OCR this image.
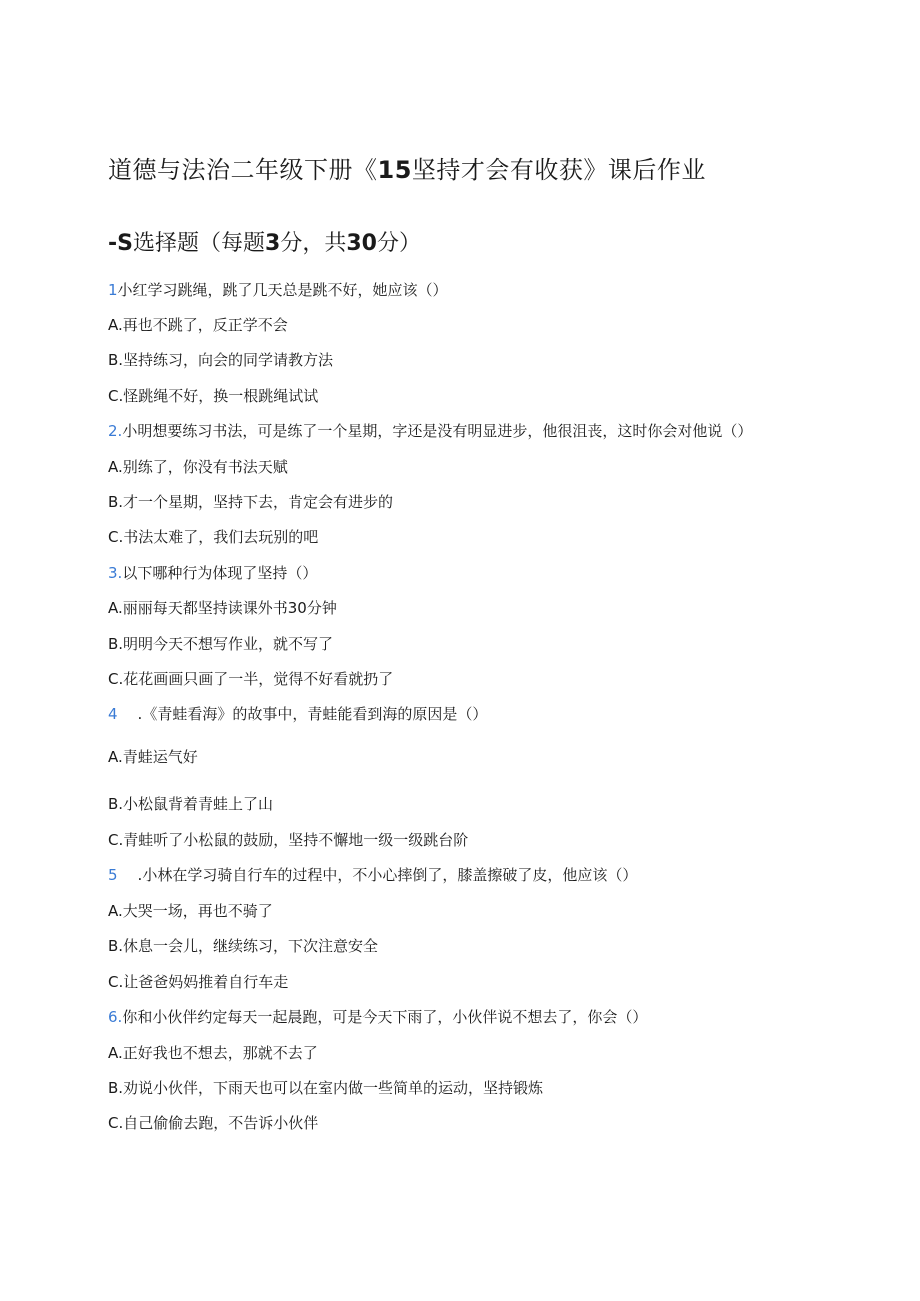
道德与法治二年级下册《15坚持才会有收获》课后作业
-S选择题（每题3分，共30分）
1小红学习跳绳，跳了几天总是跳不好，她应该（）
A.再也不跳了，反正学不会
B.坚持练习，向会的同学请教方法
C.怪跳绳不好，换一根跳绳试试
2.小明想要练习书法，可是练了一个星期，字还是没有明显进步，他很沮丧，这时你会对他说（）
A.别练了，你没有书法天赋
B.才一个星期，坚持下去，肯定会有进步的
C.书法太难了，我们去玩别的吧
3.以下哪种行为体现了坚持（）
A.丽丽每天都坚持读课外书30分钟
B.明明今天不想写作业，就不写了
C.花花画画只画了一半，觉得不好看就扔了
4 .《青蛙看海》的故事中，青蛙能看到海的原因是（）
A.青蛙运气好
B.小松鼠背着青蛙上了山
C.青蛙听了小松鼠的鼓励，坚持不懈地一级一级跳台阶
5 .小林在学习骑自行车的过程中，不小心摔倒了，膝盖擦破了皮，他应该（）
A.大哭一场，再也不骑了
B.休息一会儿，继续练习，下次注意安全
C.让爸爸妈妈推着自行车走
6.你和小伙伴约定每天一起晨跑，可是今天下雨了，小伙伴说不想去了，你会（）
A.正好我也不想去，那就不去了
B.劝说小伙伴，下雨天也可以在室内做一些简单的运动，坚持锻炼
C.自己偷偷去跑，不告诉小伙伴
